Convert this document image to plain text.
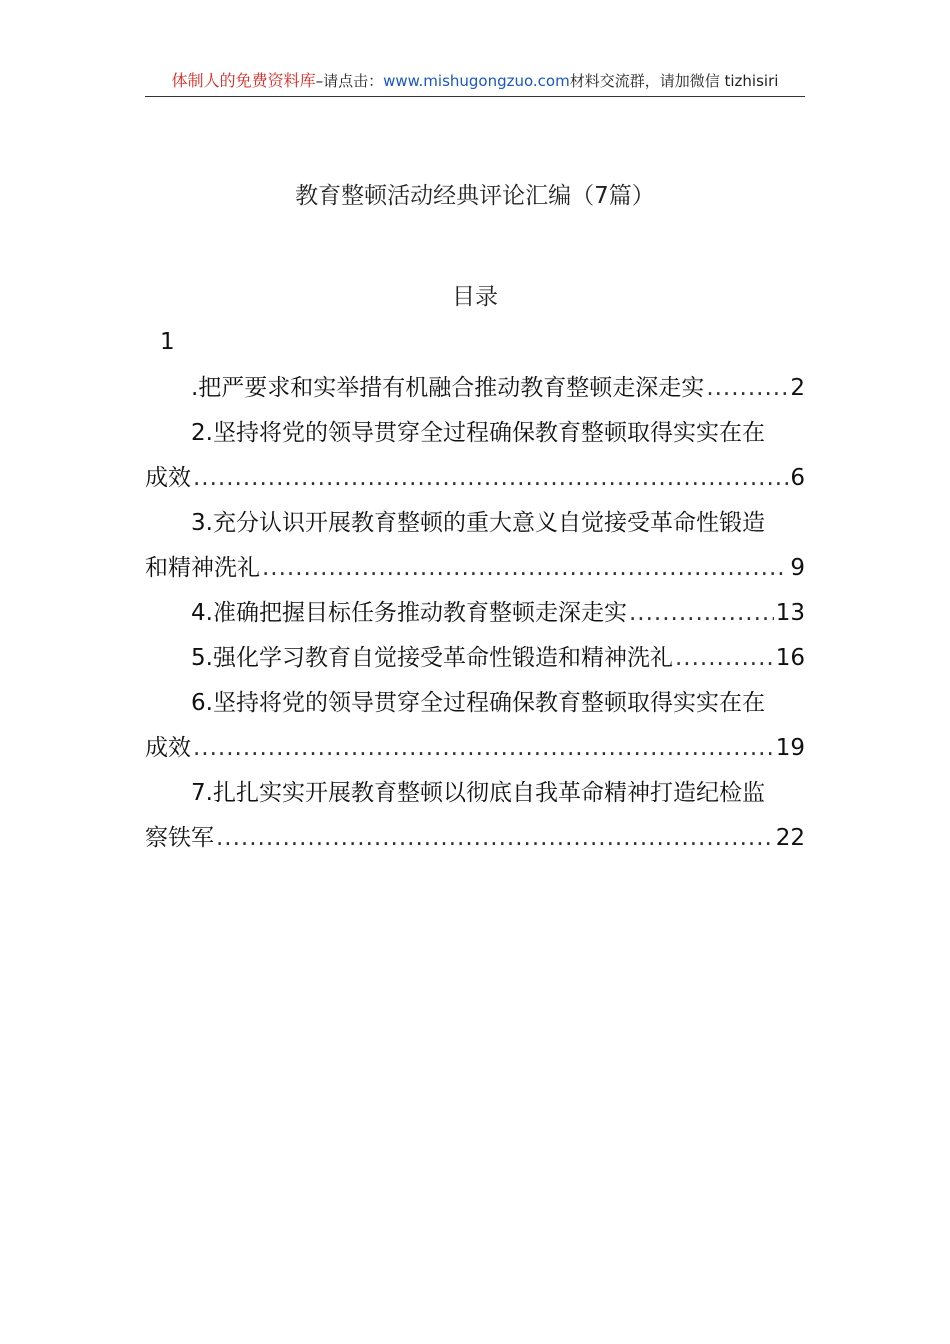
体制人的免费资料库–请点击：www.mishugongzuo.com材料交流群，请加微信 tizhisiri
教育整顿活动经典评论汇编（7篇）
目录
1
.把严要求和实举措有机融合推动教育整顿走深走实 .....	2
2.坚持将党的领导贯穿全过程确保教育整顿取得实实在在
成效 .....	6
3.充分认识开展教育整顿的重大意义自觉接受革命性锻造
和精神洗礼 .....	9
4.准确把握目标任务推动教育整顿走深走实 .....	13
5.强化学习教育自觉接受革命性锻造和精神洗礼 .....	16
6.坚持将党的领导贯穿全过程确保教育整顿取得实实在在
成效 .....	19
7.扎扎实实开展教育整顿以彻底自我革命精神打造纪检监
察铁军 .....	22
